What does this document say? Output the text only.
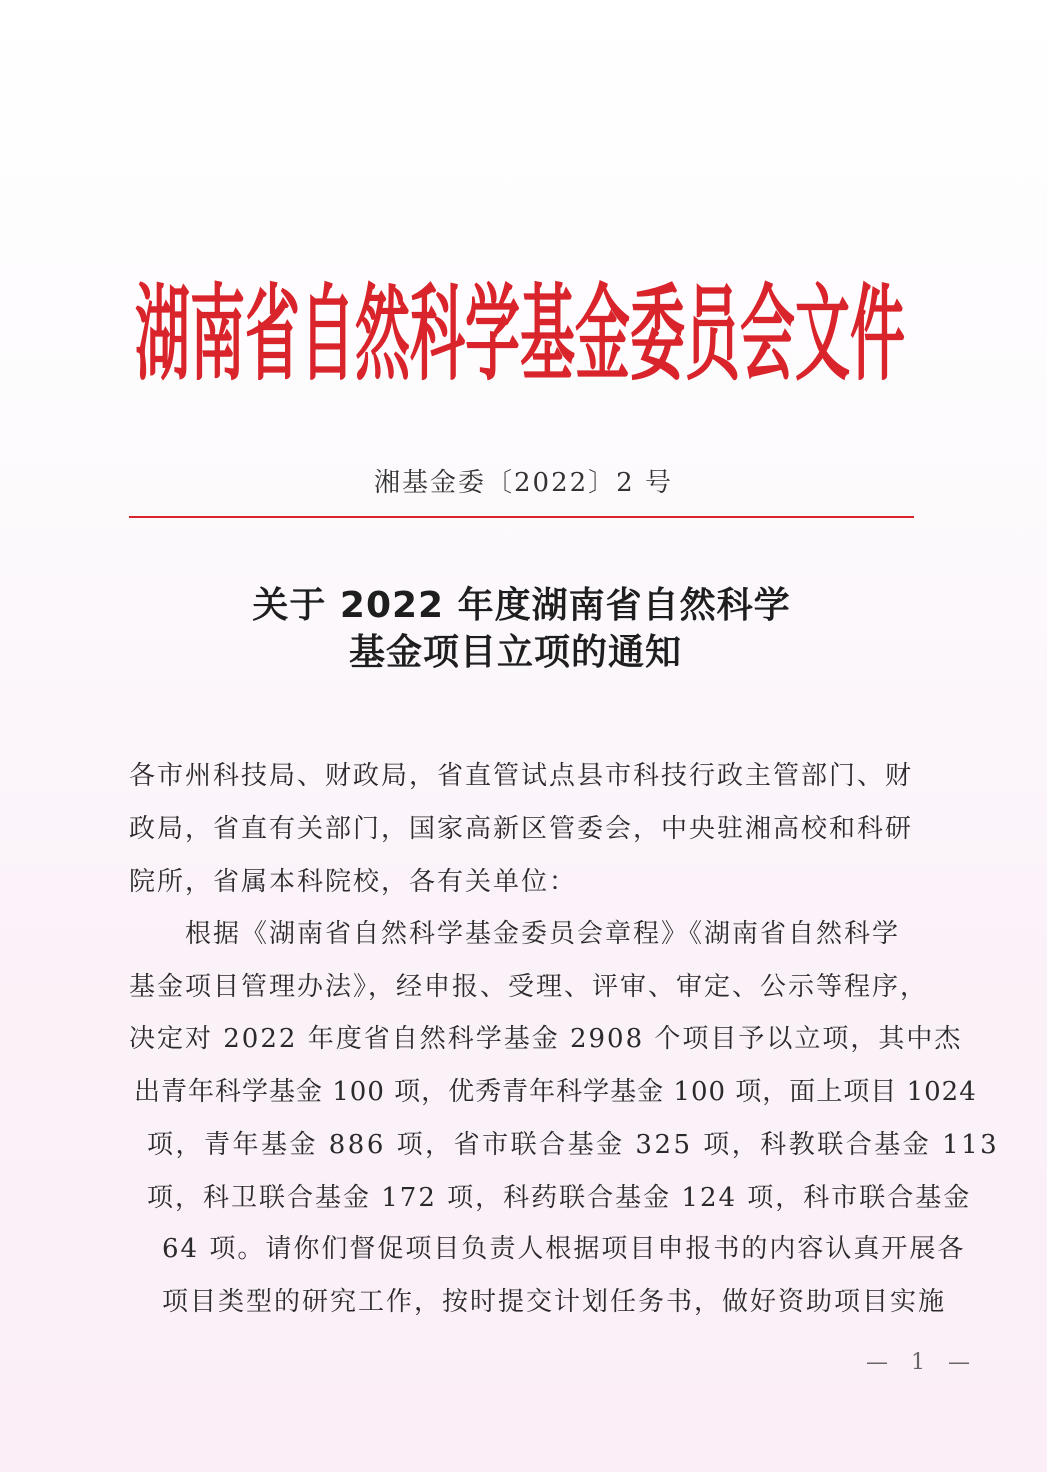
湖南省自然科学基金委员会文件
湘基金委〔2022〕2 号
关于 2022 年度湖南省自然科学
基金项目立项的通知
各市州科技局、财政局，省直管试点县市科技行政主管部门、财
政局，省直有关部门，国家高新区管委会，中央驻湘高校和科研
院所，省属本科院校，各有关单位：
根据《湖南省自然科学基金委员会章程》《湖南省自然科学
基金项目管理办法》，经申报、受理、评审、审定、公示等程序，
决定对 2022 年度省自然科学基金 2908 个项目予以立项，其中杰
出青年科学基金 100 项，优秀青年科学基金 100 项，面上项目 1024
项，青年基金 886 项，省市联合基金 325 项，科教联合基金 113
项，科卫联合基金 172 项，科药联合基金 124 项，科市联合基金
64 项。请你们督促项目负责人根据项目申报书的内容认真开展各
项目类型的研究工作，按时提交计划任务书，做好资助项目实施
— 1 —
